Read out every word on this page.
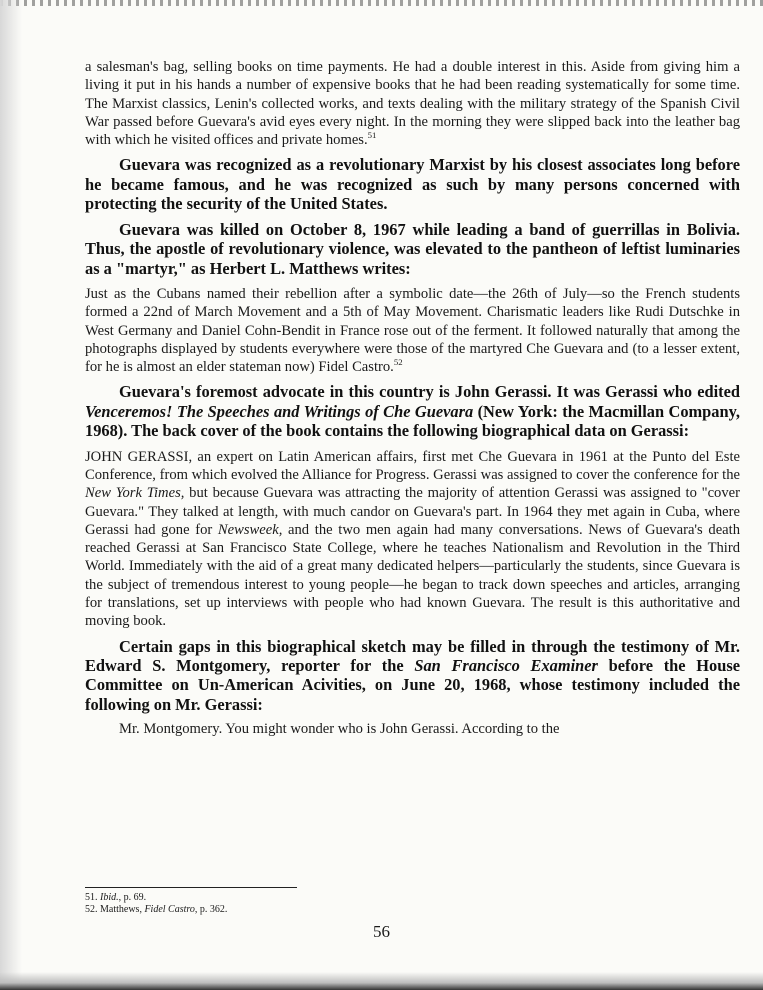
a salesman's bag, selling books on time payments. He had a double interest in this. Aside from giving him a living it put in his hands a number of expensive books that he had been reading systematically for some time. The Marxist classics, Lenin's collected works, and texts dealing with the military strategy of the Spanish Civil War passed before Guevara's avid eyes every night. In the morning they were slipped back into the leather bag with which he visited offices and private homes.$^{51}$

Guevara was recognized as a revolutionary Marxist by his closest associates long before he became famous, and he was recognized as such by many persons concerned with protecting the security of the United States.

Guevara was killed on October 8, 1967 while leading a band of guerrillas in Bolivia. Thus, the apostle of revolutionary violence, was elevated to the pantheon of leftist luminaries as a "martyr," as Herbert L. Matthews writes:

Just as the Cubans named their rebellion after a symbolic date—the 26th of July—so the French students formed a 22nd of March Movement and a 5th of May Movement. Charismatic leaders like Rudi Dutschke in West Germany and Daniel Cohn-Bendit in France rose out of the ferment. It followed naturally that among the photographs displayed by students everywhere were those of the martyred Che Guevara and (to a lesser extent, for he is almost an elder stateman now) Fidel Castro.$^{52}$

Guevara's foremost advocate in this country is John Gerassi. It was Gerassi who edited Venceremos! The Speeches and Writings of Che Guevara (New York: the Macmillan Company, 1968). The back cover of the book contains the following biographical data on Gerassi:

JOHN GERASSI, an expert on Latin American affairs, first met Che Guevara in 1961 at the Punto del Este Conference, from which evolved the Alliance for Progress. Gerassi was assigned to cover the conference for the New York Times, but because Guevara was attracting the majority of attention Gerassi was assigned to "cover Guevara." They talked at length, with much candor on Guevara's part. In 1964 they met again in Cuba, where Gerassi had gone for Newsweek, and the two men again had many conversations. News of Guevara's death reached Gerassi at San Francisco State College, where he teaches Nationalism and Revolution in the Third World. Immediately with the aid of a great many dedicated helpers—particularly the students, since Guevara is the subject of tremendous interest to young people—he began to track down speeches and articles, arranging for translations, set up interviews with people who had known Guevara. The result is this authoritative and moving book.

Certain gaps in this biographical sketch may be filled in through the testimony of Mr. Edward S. Montgomery, reporter for the San Francisco Examiner before the House Committee on Un-American Acivities, on June 20, 1968, whose testimony included the following on Mr. Gerassi:

Mr. Montgomery. You might wonder who is John Gerassi. According to the

51. Ibid., p. 69.
52. Matthews, Fidel Castro, p. 362.
56
